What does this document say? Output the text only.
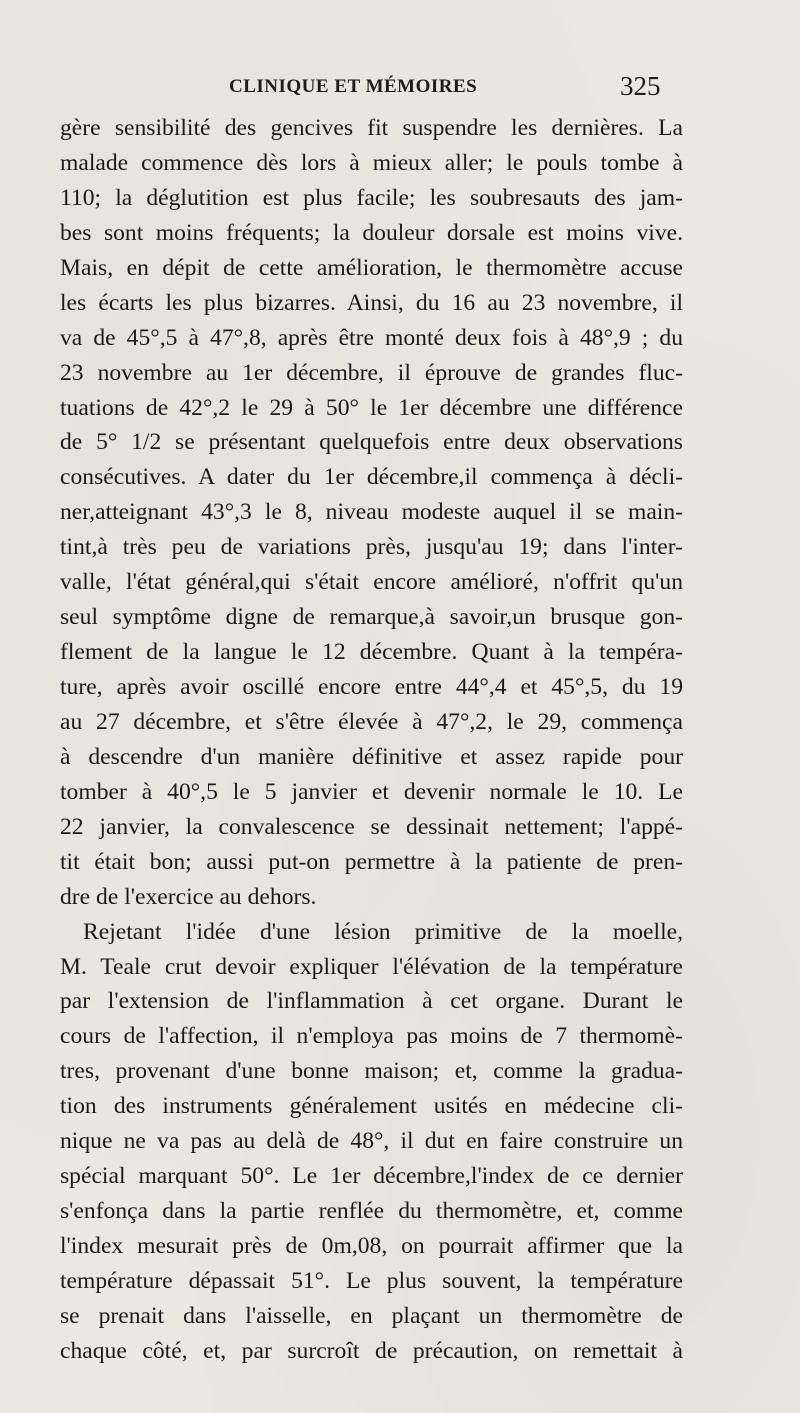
CLINIQUE ET MÉMOIRES	325
gère sensibilité des gencives fit suspendre les dernières. La
malade commence dès lors à mieux aller; le pouls tombe à
110; la déglutition est plus facile; les soubresauts des jam-
bes sont moins fréquents; la douleur dorsale est moins vive.
Mais, en dépit de cette amélioration, le thermomètre accuse
les écarts les plus bizarres. Ainsi, du 16 au 23 novembre, il
va de 45°,5 à 47°,8, après être monté deux fois à 48°,9 ; du
23 novembre au 1er décembre, il éprouve de grandes fluc-
tuations de 42°,2 le 29 à 50° le 1er décembre une différence
de 5° 1/2 se présentant quelquefois entre deux observations
consécutives. A dater du 1er décembre,il commença à décli-
ner,atteignant 43°,3 le 8, niveau modeste auquel il se main-
tint,à très peu de variations près, jusqu'au 19; dans l'inter-
valle, l'état général,qui s'était encore amélioré, n'offrit qu'un
seul symptôme digne de remarque,à savoir,un brusque gon-
flement de la langue le 12 décembre. Quant à la tempéra-
ture, après avoir oscillé encore entre 44°,4 et 45°,5, du 19
au 27 décembre, et s'être élevée à 47°,2, le 29, commença
à descendre d'un manière définitive et assez rapide pour
tomber à 40°,5 le 5 janvier et devenir normale le 10. Le
22 janvier, la convalescence se dessinait nettement; l'appé-
tit était bon; aussi put-on permettre à la patiente de pren-
dre de l'exercice au dehors.
Rejetant l'idée d'une lésion primitive de la moelle,
M. Teale crut devoir expliquer l'élévation de la température
par l'extension de l'inflammation à cet organe. Durant le
cours de l'affection, il n'employa pas moins de 7 thermomè-
tres, provenant d'une bonne maison; et, comme la gradua-
tion des instruments généralement usités en médecine cli-
nique ne va pas au delà de 48°, il dut en faire construire un
spécial marquant 50°. Le 1er décembre,l'index de ce dernier
s'enfonça dans la partie renflée du thermomètre, et, comme
l'index mesurait près de 0m,08, on pourrait affirmer que la
température dépassait 51°. Le plus souvent, la température
se prenait dans l'aisselle, en plaçant un thermomètre de
chaque côté, et, par surcroît de précaution, on remettait à
